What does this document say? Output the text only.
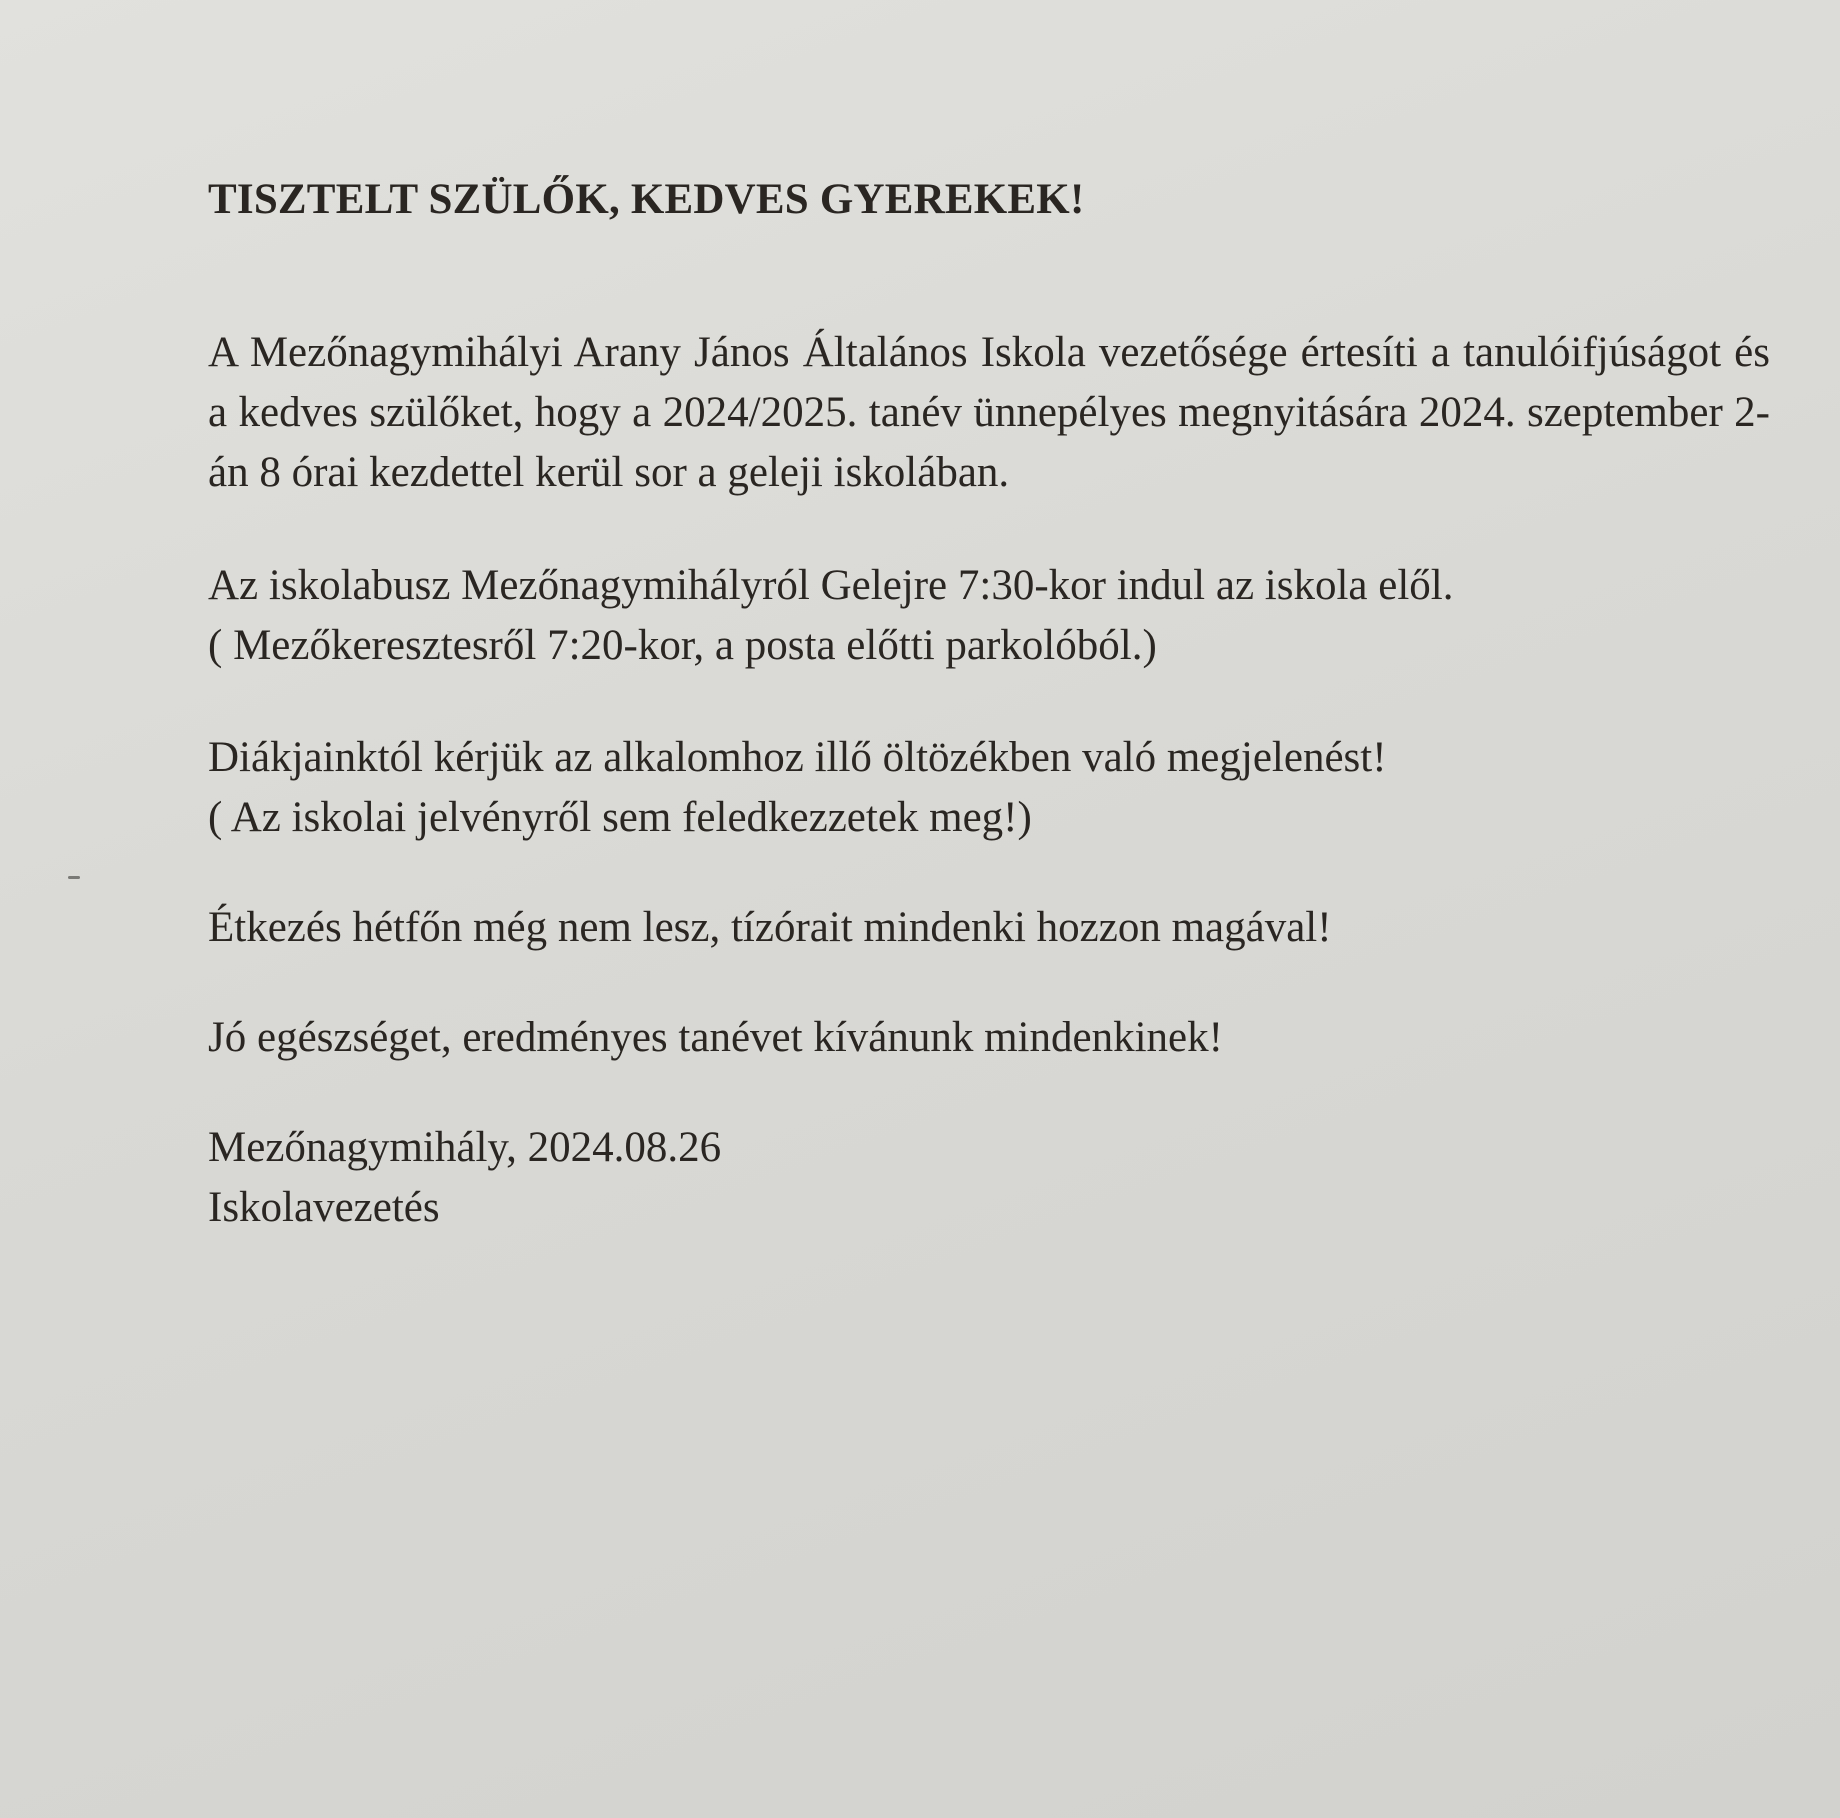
TISZTELT SZÜLŐK, KEDVES GYEREKEK!

A Mezőnagymihályi Arany János Általános Iskola vezetősége értesíti a tanulóifjúságot és a kedves szülőket, hogy a 2024/2025. tanév ünnepélyes megnyitására 2024. szeptember 2-án 8 órai kezdettel kerül sor a geleji iskolában.

Az iskolabusz Mezőnagymihályról Gelejre 7:30-kor indul az iskola elől.
( Mezőkeresztesről 7:20-kor, a posta előtti parkolóból.)

Diákjainktól kérjük az alkalomhoz illő öltözékben való megjelenést!
( Az iskolai jelvényről sem feledkezzetek meg!)

Étkezés hétfőn még nem lesz, tízórait mindenki hozzon magával!

Jó egészséget, eredményes tanévet kívánunk mindenkinek!

Mezőnagymihály, 2024.08.26
Iskolavezetés
